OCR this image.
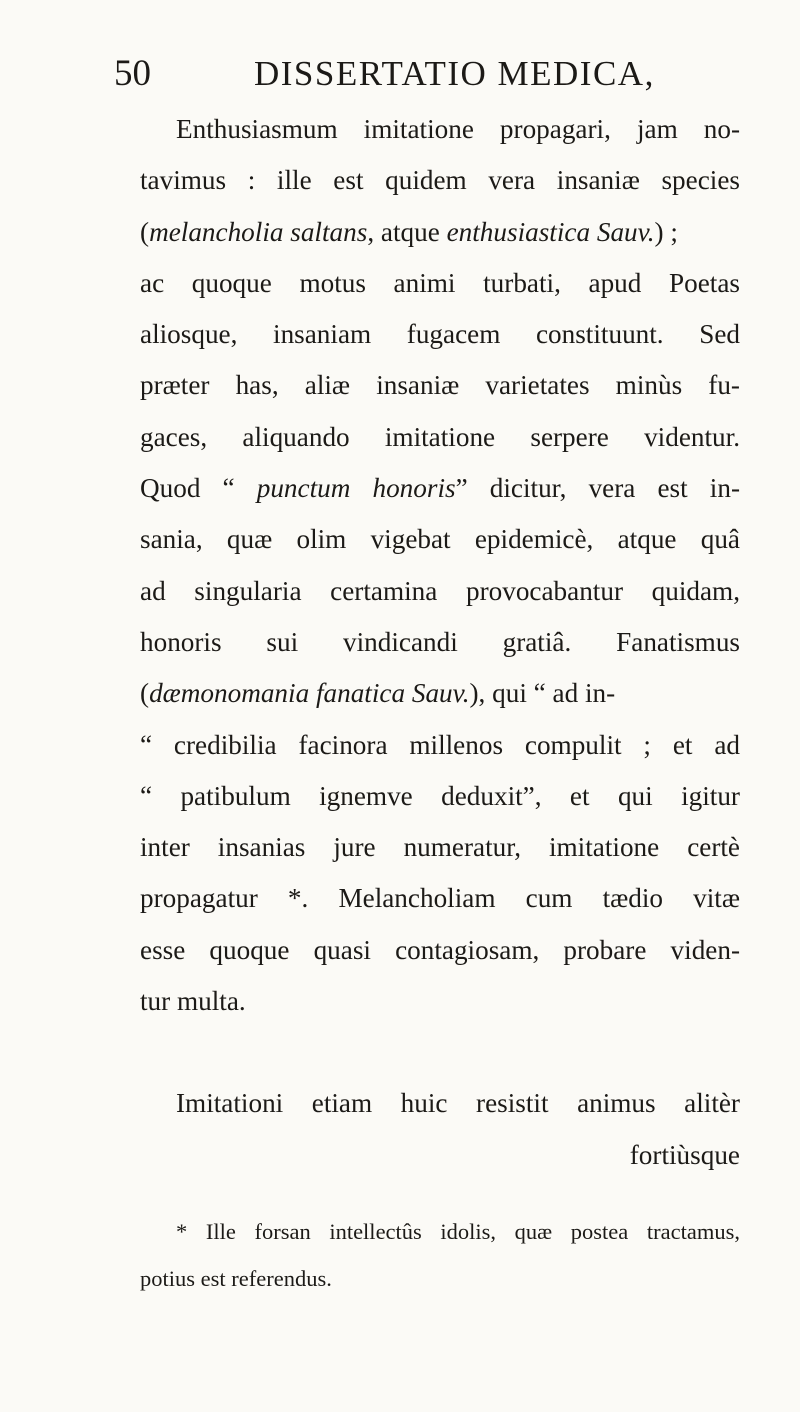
50	DISSERTATIO MEDICA,
Enthusiasmum imitatione propagari, jam no-
tavimus : ille est quidem vera insaniæ species
(melancholia saltans, atque enthusiastica Sauv.) ;
ac quoque motus animi turbati, apud Poetas
aliosque, insaniam fugacem constituunt. Sed
præter has, aliæ insaniæ varietates minùs fu-
gaces, aliquando imitatione serpere videntur.
Quod “ punctum honoris” dicitur, vera est in-
sania, quæ olim vigebat epidemicè, atque quâ
ad singularia certamina provocabantur quidam,
honoris sui vindicandi gratiâ. Fanatismus
(dæmonomania fanatica Sauv.), qui “ ad in-
“ credibilia facinora millenos compulit ; et ad
“ patibulum ignemve deduxit”, et qui igitur
inter insanias jure numeratur, imitatione certè
propagatur *. Melancholiam cum tædio vitæ
esse quoque quasi contagiosam, probare viden-
tur multa.
Imitationi etiam huic resistit animus alitèr
fortiùsque
* Ille forsan intellectûs idolis, quæ postea tractamus,
potius est referendus.
